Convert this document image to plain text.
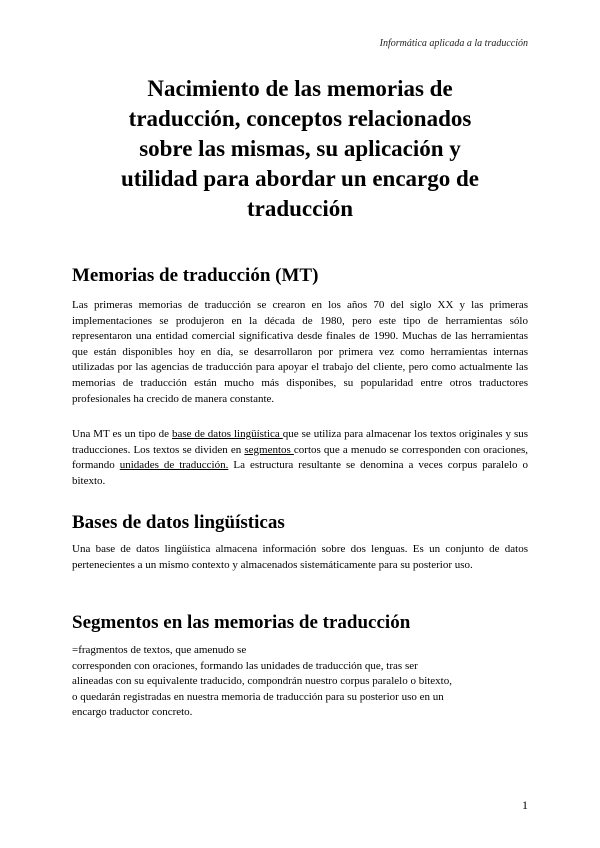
Informática aplicada a la traducción
Nacimiento de las memorias de
traducción, conceptos relacionados
sobre las mismas, su aplicación y
utilidad para abordar un encargo de
traducción
Memorias de traducción (MT)

Las primeras memorias de traducción se crearon en los años 70 del siglo XX y las primeras implementaciones se produjeron en la década de 1980, pero este tipo de herramientas sólo representaron una entidad comercial significativa desde finales de 1990. Muchas de las herramientas que están disponibles hoy en día, se desarrollaron por primera vez como herramientas internas utilizadas por las agencias de traducción para apoyar el trabajo del cliente, pero como actualmente las memorias de traducción están mucho más disponibes, su popularidad entre otros traductores profesionales ha crecido de manera constante.

Una MT es un tipo de base de datos lingüística que se utiliza para almacenar los textos originales y sus traducciones. Los textos se dividen en segmentos cortos que a menudo se corresponden con oraciones, formando unidades de traducción. La estructura resultante se denomina a veces corpus paralelo o bitexto.

Bases de datos lingüísticas

Una base de datos lingüística almacena información sobre dos lenguas. Es un conjunto de datos pertenecientes a un mismo contexto y almacenados sistemáticamente para su posterior uso.

Segmentos en las memorias de traducción
=fragmentos de textos, que amenudo se
corresponden con oraciones, formando las unidades de traducción que, tras ser
alineadas con su equivalente traducido, compondrán nuestro corpus paralelo o bitexto,
o quedarán registradas en nuestra memoria de traducción para su posterior uso en un
encargo traductor concreto.
1
